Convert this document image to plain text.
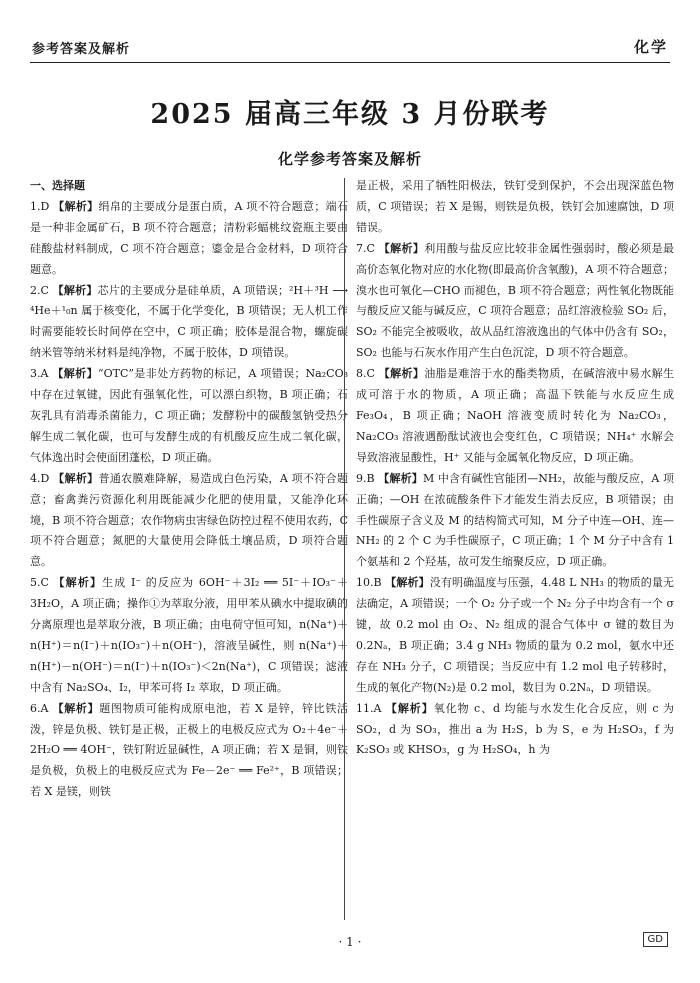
参考答案及解析	化学
2025 届高三年级 3 月份联考
化学参考答案及解析
一、选择题

1.D 【解析】绢帛的主要成分是蛋白质，A 项不符合题意；端石是一种非金属矿石，B 项不符合题意；清粉彩蝠桃纹瓷瓶主要由硅酸盐材料制成，C 项不符合题意；鎏金是合金材料，D 项符合题意。

2.C 【解析】芯片的主要成分是硅单质，A 项错误；²H＋³H ⟶ ⁴He＋¹₀n 属于核变化，不属于化学变化，B 项错误；无人机工作时需要能较长时间停在空中，C 项正确；胶体是混合物，螺旋碳纳米管等纳米材料是纯净物，不属于胶体，D 项错误。

3.A 【解析】“OTC”是非处方药物的标记，A 项错误；Na₂CO₃ 中存在过氧键，因此有强氧化性，可以漂白织物，B 项正确；石灰乳具有消毒杀菌能力，C 项正确；发酵粉中的碳酸氢钠受热分解生成二氧化碳，也可与发酵生成的有机酸反应生成二氧化碳，气体逸出时会使面团蓬松，D 项正确。

4.D 【解析】普通农膜难降解，易造成白色污染，A 项不符合题意；畜禽粪污资源化利用既能减少化肥的使用量，又能净化环境，B 项不符合题意；农作物病虫害绿色防控过程不使用农药，C 项不符合题意；氮肥的大量使用会降低土壤品质，D 项符合题意。

5.C 【解析】生成 I⁻ 的反应为 6OH⁻＋3I₂ ══ 5I⁻＋IO₃⁻＋3H₂O，A 项正确；操作①为萃取分液，用甲苯从碘水中提取碘的分离原理也是萃取分液，B 项正确；由电荷守恒可知，n(Na⁺)＋n(H⁺)＝n(I⁻)＋n(IO₃⁻)＋n(OH⁻)，溶液呈碱性，则 n(Na⁺)＋n(H⁺)－n(OH⁻)＝n(I⁻)＋n(IO₃⁻)＜2n(Na⁺)，C 项错误；滤液中含有 Na₂SO₄、I₂，甲苯可将 I₂ 萃取，D 项正确。

6.A 【解析】题图物质可能构成原电池，若 X 是锌，锌比铁活泼，锌是负极、铁钉是正极，正极上的电极反应式为 O₂＋4e⁻＋2H₂O ══ 4OH⁻，铁钉附近显碱性，A 项正确；若 X 是铜，则铁是负极，负极上的电极反应式为 Fe－2e⁻ ══ Fe²⁺，B 项错误；若 X 是镁，则铁

是正极，采用了牺牲阳极法，铁钉受到保护，不会出现深蓝色物质，C 项错误；若 X 是锡，则铁是负极，铁钉会加速腐蚀，D 项错误。

7.C 【解析】利用酸与盐反应比较非金属性强弱时，酸必须是最高价态氧化物对应的水化物(即最高价含氧酸)，A 项不符合题意；溴水也可氧化—CHO 而褪色，B 项不符合题意；两性氧化物既能与酸反应又能与碱反应，C 项符合题意；品红溶液检验 SO₂ 后，SO₂ 不能完全被吸收，故从品红溶液逸出的气体中仍含有 SO₂，SO₂ 也能与石灰水作用产生白色沉淀，D 项不符合题意。

8.C 【解析】油脂是难溶于水的酯类物质，在碱溶液中易水解生成可溶于水的物质，A 项正确；高温下铁能与水反应生成 Fe₃O₄，B 项正确；NaOH 溶液变质时转化为 Na₂CO₃，Na₂CO₃ 溶液遇酚酞试液也会变红色，C 项错误；NH₄⁺ 水解会导致溶液显酸性，H⁺ 又能与金属氧化物反应，D 项正确。

9.B 【解析】M 中含有碱性官能团—NH₂，故能与酸反应，A 项正确；—OH 在浓硫酸条件下才能发生消去反应，B 项错误；由手性碳原子含义及 M 的结构简式可知，M 分子中连—OH、连—NH₂ 的 2 个 C 为手性碳原子，C 项正确；1 个 M 分子中含有 1 个氨基和 2 个羟基，故可发生缩聚反应，D 项正确。

10.B 【解析】没有明确温度与压强，4.48 L NH₃ 的物质的量无法确定，A 项错误；一个 O₂ 分子或一个 N₂ 分子中均含有一个 σ 键，故 0.2 mol 由 O₂、N₂ 组成的混合气体中 σ 键的数目为 0.2Nₐ，B 项正确；3.4 g NH₃ 物质的量为 0.2 mol，氨水中还存在 NH₃ 分子，C 项错误；当反应中有 1.2 mol 电子转移时，生成的氧化产物(N₂)是 0.2 mol，数目为 0.2Nₐ，D 项错误。

11.A 【解析】氧化物 c、d 均能与水发生化合反应，则 c 为 SO₂，d 为 SO₃，推出 a 为 H₂S，b 为 S，e 为 H₂SO₃，f 为 K₂SO₃ 或 KHSO₃，g 为 H₂SO₄，h 为

· 1 ·	GD
